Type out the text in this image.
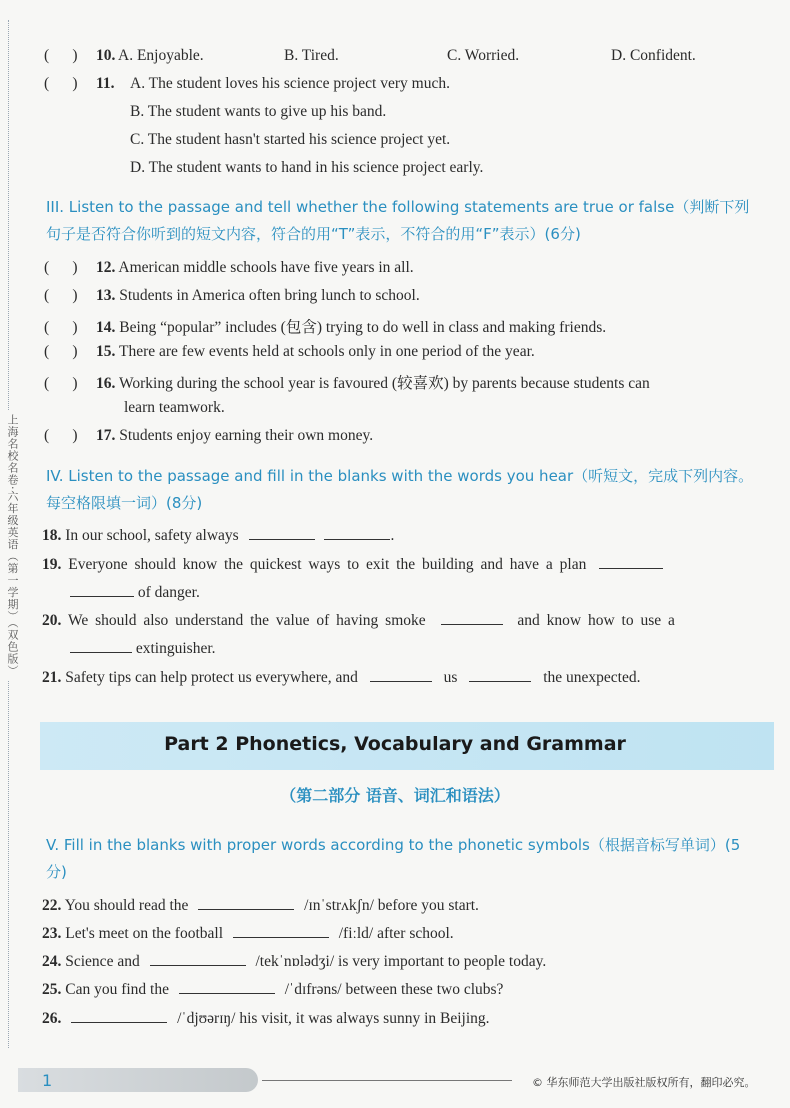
上海名校名卷·六年级英语（第一学期）（双色版）
(      ) 10. A. Enjoyable.	B. Tired.	C. Worried.	D. Confident.
(      ) 11. A. The student loves his science project very much.
B. The student wants to give up his band.
C. The student hasn't started his science project yet.
D. The student wants to hand in his science project early.
III. Listen to the passage and tell whether the following statements are true or false（判断下列句子是否符合你听到的短文内容，符合的用“T”表示，不符合的用“F”表示）(6分)
(      ) 12. American middle schools have five years in all.
(      ) 13. Students in America often bring lunch to school.
(      ) 14. Being “popular” includes (包含) trying to do well in class and making friends.
(      ) 15. There are few events held at schools only in one period of the year.
(      ) 16. Working during the school year is favoured (较喜欢) by parents because students can
learn teamwork.
(      ) 17. Students enjoy earning their own money.
IV. Listen to the passage and fill in the blanks with the words you hear（听短文，完成下列内容。每空格限填一词）(8分)
18. In our school, safety always	.
19. Everyone should know the quickest ways to exit the building and have a plan
of danger.
20. We should also understand the value of having smoke	and know how to use a
extinguisher.
21. Safety tips can help protect us everywhere, and	us	the unexpected.
Part 2 Phonetics, Vocabulary and Grammar
（第二部分 语音、词汇和语法）
V. Fill in the blanks with proper words according to the phonetic symbols（根据音标写单词）(5分)
22. You should read the	/ɪnˈstrʌkʃn/ before you start.
23. Let's meet on the football	/fiːld/ after school.
24. Science and	/tekˈnɒlədʒi/ is very important to people today.
25. Can you find the	/ˈdɪfrəns/ between these two clubs?
26.	/ˈdjʊərɪŋ/ his visit, it was always sunny in Beijing.
1	© 华东师范大学出版社版权所有，翻印必究。
